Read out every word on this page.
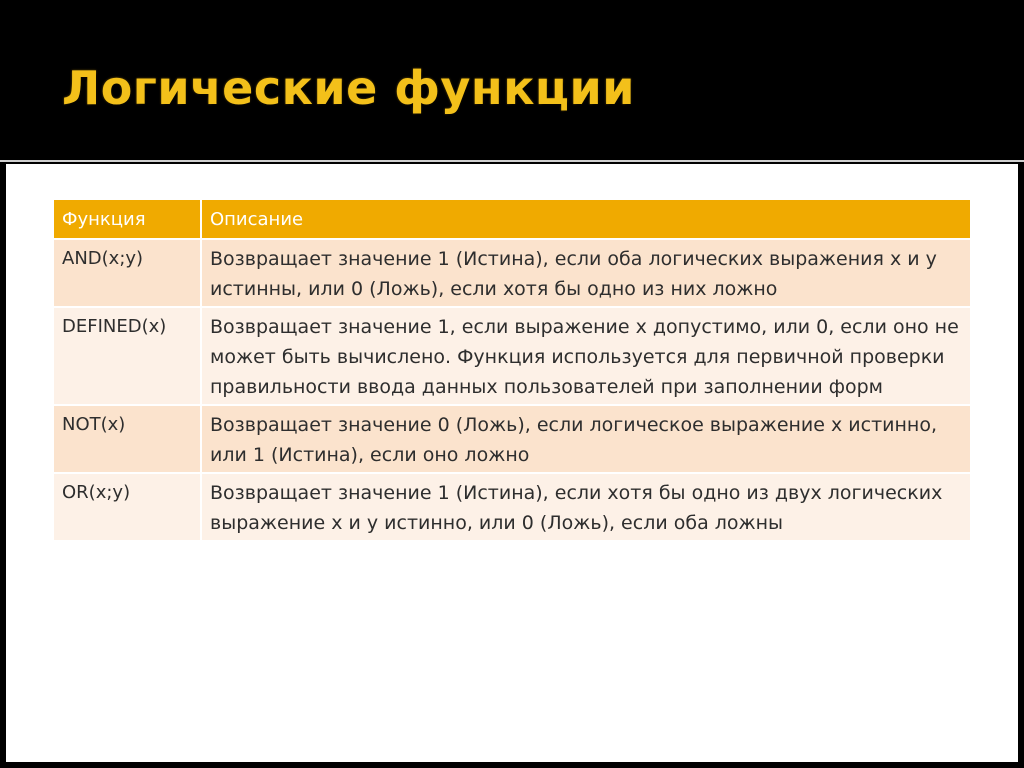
Логические функции
Функция	Описание
AND(x;y)	Возвращает значение 1 (Истина), если оба логических выражения x и y истинны, или 0 (Ложь), если хотя бы одно из них ложно
DEFINED(x)	Возвращает значение 1, если выражение x допустимо, или 0, если оно не может быть вычислено. Функция используется для первичной проверки правильности ввода данных пользователей при заполнении форм
NOT(x)	Возвращает значение 0 (Ложь), если логическое выражение x истинно, или 1 (Истина), если оно ложно
OR(x;y)	Возвращает значение 1 (Истина), если хотя бы одно из двух логических выражение x и y истинно, или 0 (Ложь), если оба ложны
